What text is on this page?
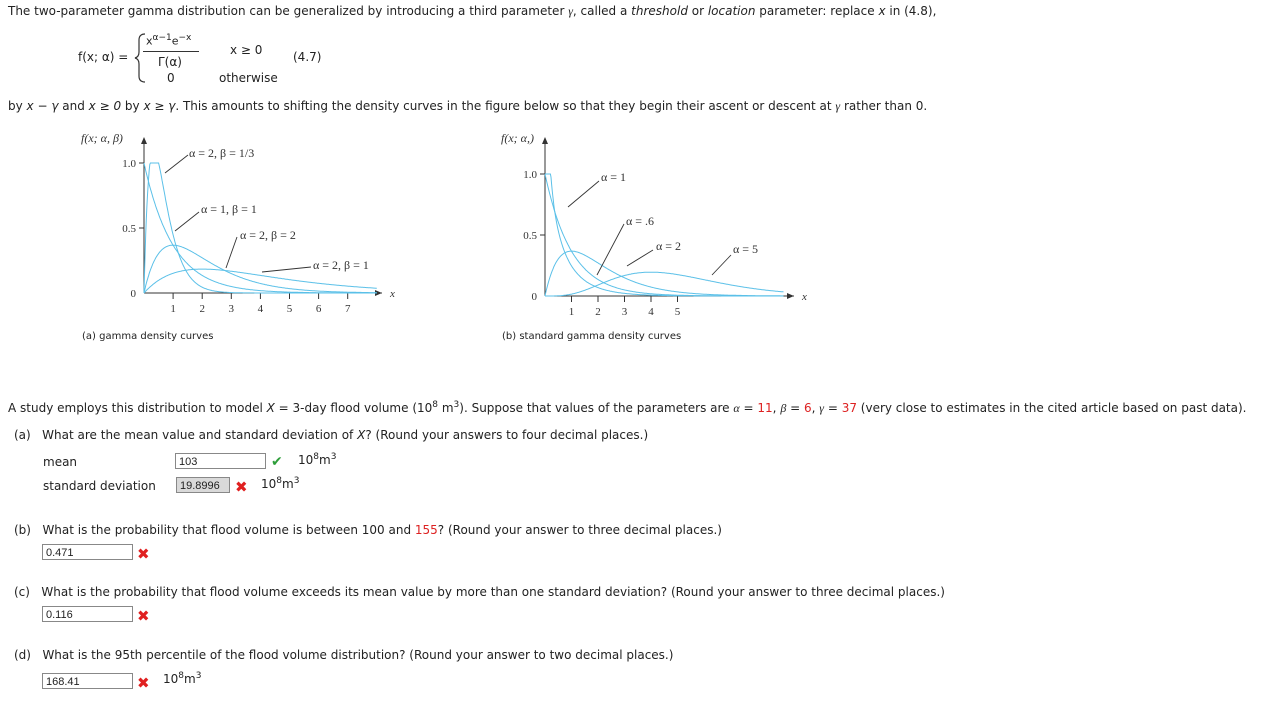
The two-parameter gamma distribution can be generalized by introducing a third parameter γ, called a threshold or location parameter: replace x in (4.8),
f(x; α) =
$x^{\alpha-1}e^{-x}$
Γ(α)
0
x ≥ 0
otherwise
(4.7)
by x − γ and x ≥ 0 by x ≥ γ. This amounts to shifting the density curves in the figure below so that they begin their ascent or descent at γ rather than 0.
f(x; α, β)
x
0
0.5
1.0
1 2 3 4 5 6 7
α = 2, β = 1/3
α = 1, β = 1
α = 2, β = 2
α = 2, β = 1
(a) gamma density curves
f(x; α,)
x
0
0.5
1.0
1 2 3 4 5
α = 1
α = .6
α = 2	α = 5
(b) standard gamma density curves
A study employs this distribution to model X = 3-day flood volume ($10^8$ $m^3$). Suppose that values of the parameters are α = 11, β = 6, γ = 37 (very close to estimates in the cited article based on past data).
(a) What are the mean value and standard deviation of X? (Round your answers to four decimal places.)
mean	103	✔ $10^8m^3$
standard deviation	19.8996	✖ $10^8m^3$
(b) What is the probability that flood volume is between 100 and 155? (Round your answer to three decimal places.)
0.471	✖
(c) What is the probability that flood volume exceeds its mean value by more than one standard deviation? (Round your answer to three decimal places.)
0.116	✖
(d) What is the 95th percentile of the flood volume distribution? (Round your answer to two decimal places.)
168.41	✖ $10^8m^3$
